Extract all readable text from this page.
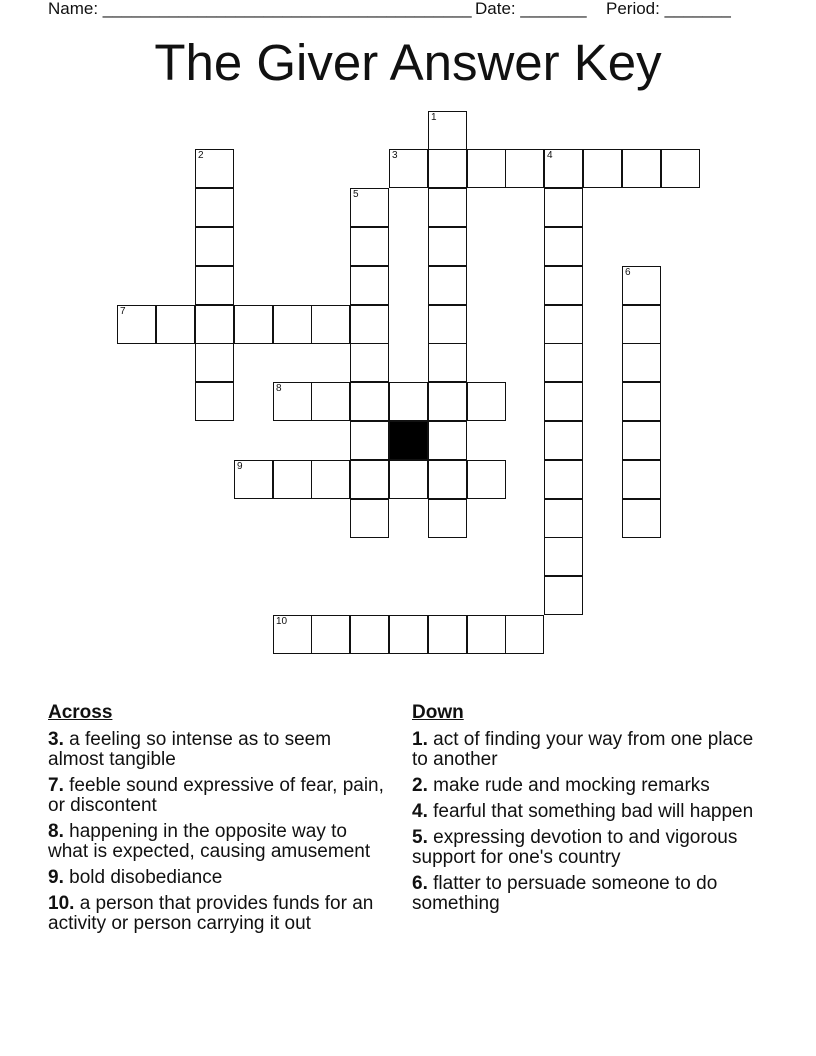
Name: _______________________________________ Date: _______ Period: _______
The Giver Answer Key
3	4
1
2
5
6
7
8
9
10
Across
3. a feeling so intense as to seem almost tangible
7. feeble sound expressive of fear, pain, or discontent
8. happening in the opposite way to what is expected, causing amusement
9. bold disobediance
10. a person that provides funds for an activity or person carrying it out
Down
1. act of finding your way from one place to another
2. make rude and mocking remarks
4. fearful that something bad will happen
5. expressing devotion to and vigorous support for one's country
6. flatter to persuade someone to do something
